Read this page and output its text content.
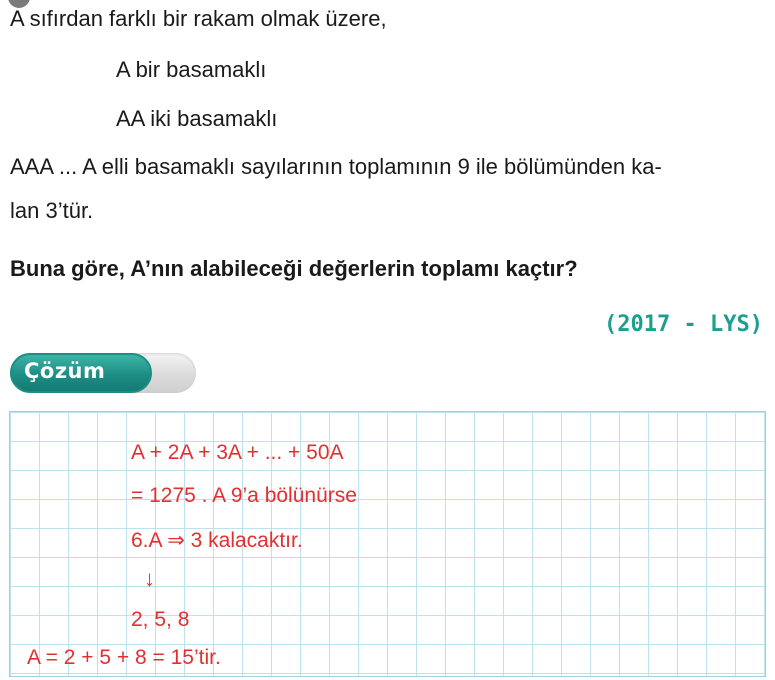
A sıfırdan farklı bir rakam olmak üzere,
A bir basamaklı
AA iki basamaklı
AAA ... A elli basamaklı sayılarının toplamının 9 ile bölümünden ka-
lan 3’tür.
Buna göre, A’nın alabileceği değerlerin toplamı kaçtır?
(2017 - LYS)
Çözüm
A + 2A + 3A + ... + 50A
= 1275 . A 9’a bölünürse
6.A ⇒ 3 kalacaktır.
↓
2, 5, 8
A = 2 + 5 + 8 = 15’tir.
